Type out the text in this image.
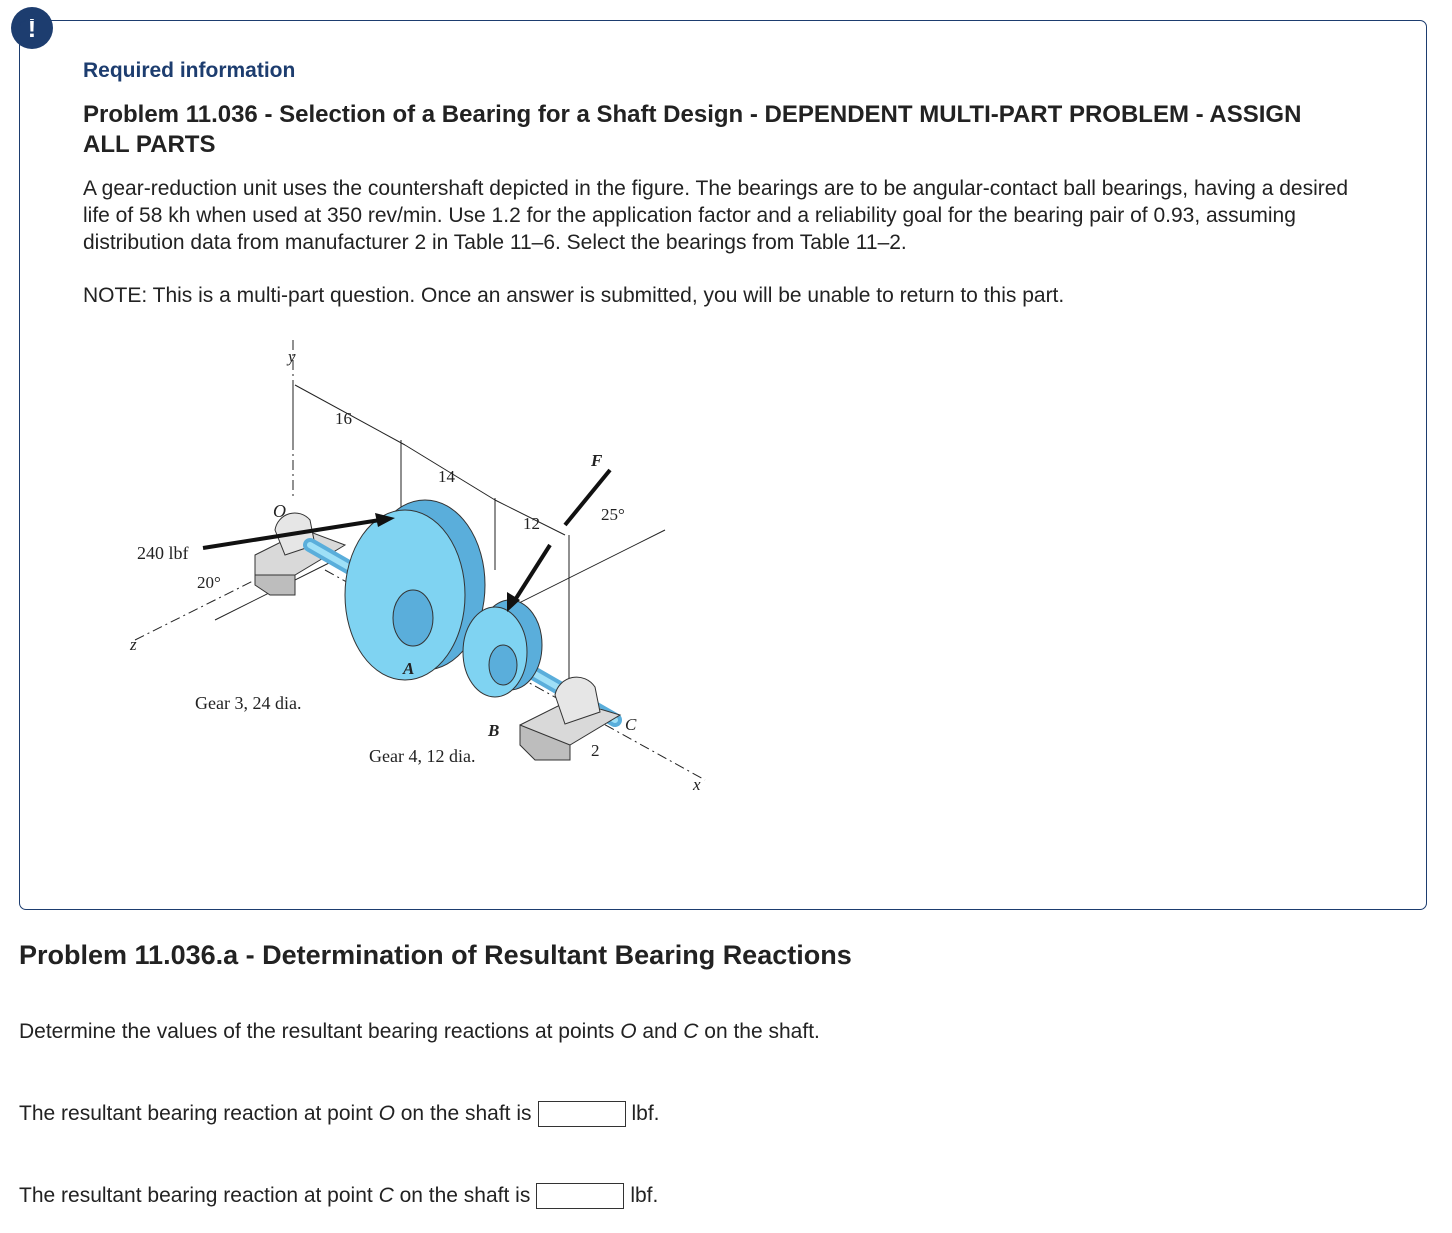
!
Required information
Problem 11.036 - Selection of a Bearing for a Shaft Design - DEPENDENT MULTI-PART PROBLEM - ASSIGN ALL PARTS
A gear-reduction unit uses the countershaft depicted in the figure. The bearings are to be angular-contact ball bearings, having a desired life of 58 kh when used at 350 rev/min. Use 1.2 for the application factor and a reliability goal for the bearing pair of 0.93, assuming distribution data from manufacturer 2 in Table 11–6. Select the bearings from Table 11–2.
NOTE: This is a multi-part question. Once an answer is submitted, you will be unable to return to this part.
y
z
x
16
14
12
2
O
A
B	C
F
25°
20°
240 lbf
Gear 3, 24 dia.
Gear 4, 12 dia.
Problem 11.036.a - Determination of Resultant Bearing Reactions
Determine the values of the resultant bearing reactions at points O and C on the shaft.
The resultant bearing reaction at point
O
on the shaft is	lbf.
The resultant bearing reaction at point
C
on the shaft is	lbf.
